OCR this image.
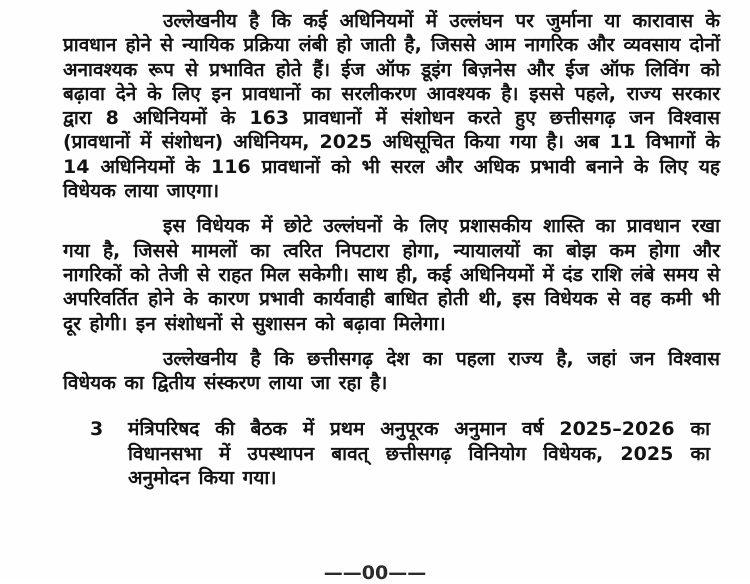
उल्लेखनीय है कि कई अधिनियमों में उल्लंघन पर जुर्माना या कारावास के प्रावधान होने से न्यायिक प्रक्रिया लंबी हो जाती है, जिससे आम नागरिक और व्यवसाय दोनों अनावश्यक रूप से प्रभावित होते हैं। ईज ऑफ डूइंग बिज़नेस और ईज ऑफ लिविंग को बढ़ावा देने के लिए इन प्रावधानों का सरलीकरण आवश्यक है। इससे पहले, राज्य सरकार द्वारा 8 अधिनियमों के 163 प्रावधानों में संशोधन करते हुए छत्तीसगढ़ जन विश्वास (प्रावधानों में संशोधन) अधिनियम, 2025 अधिसूचित किया गया है। अब 11 विभागों के 14 अधिनियमों के 116 प्रावधानों को भी सरल और अधिक प्रभावी बनाने के लिए यह विधेयक लाया जाएगा।

इस विधेयक में छोटे उल्लंघनों के लिए प्रशासकीय शास्ति का प्रावधान रखा गया है, जिससे मामलों का त्वरित निपटारा होगा, न्यायालयों का बोझ कम होगा और नागरिकों को तेजी से राहत मिल सकेगी। साथ ही, कई अधिनियमों में दंड राशि लंबे समय से अपरिवर्तित होने के कारण प्रभावी कार्यवाही बाधित होती थी, इस विधेयक से वह कमी भी दूर होगी। इन संशोधनों से सुशासन को बढ़ावा मिलेगा।

उल्लेखनीय है कि छत्तीसगढ़ देश का पहला राज्य है, जहां जन विश्वास विधेयक का द्वितीय संस्करण लाया जा रहा है।

3	मंत्रिपरिषद की बैठक में प्रथम अनुपूरक अनुमान वर्ष 2025–2026 का विधानसभा में उपस्थापन बावत् छत्तीसगढ़ विनियोग विधेयक, 2025 का अनुमोदन किया गया।
——00——
